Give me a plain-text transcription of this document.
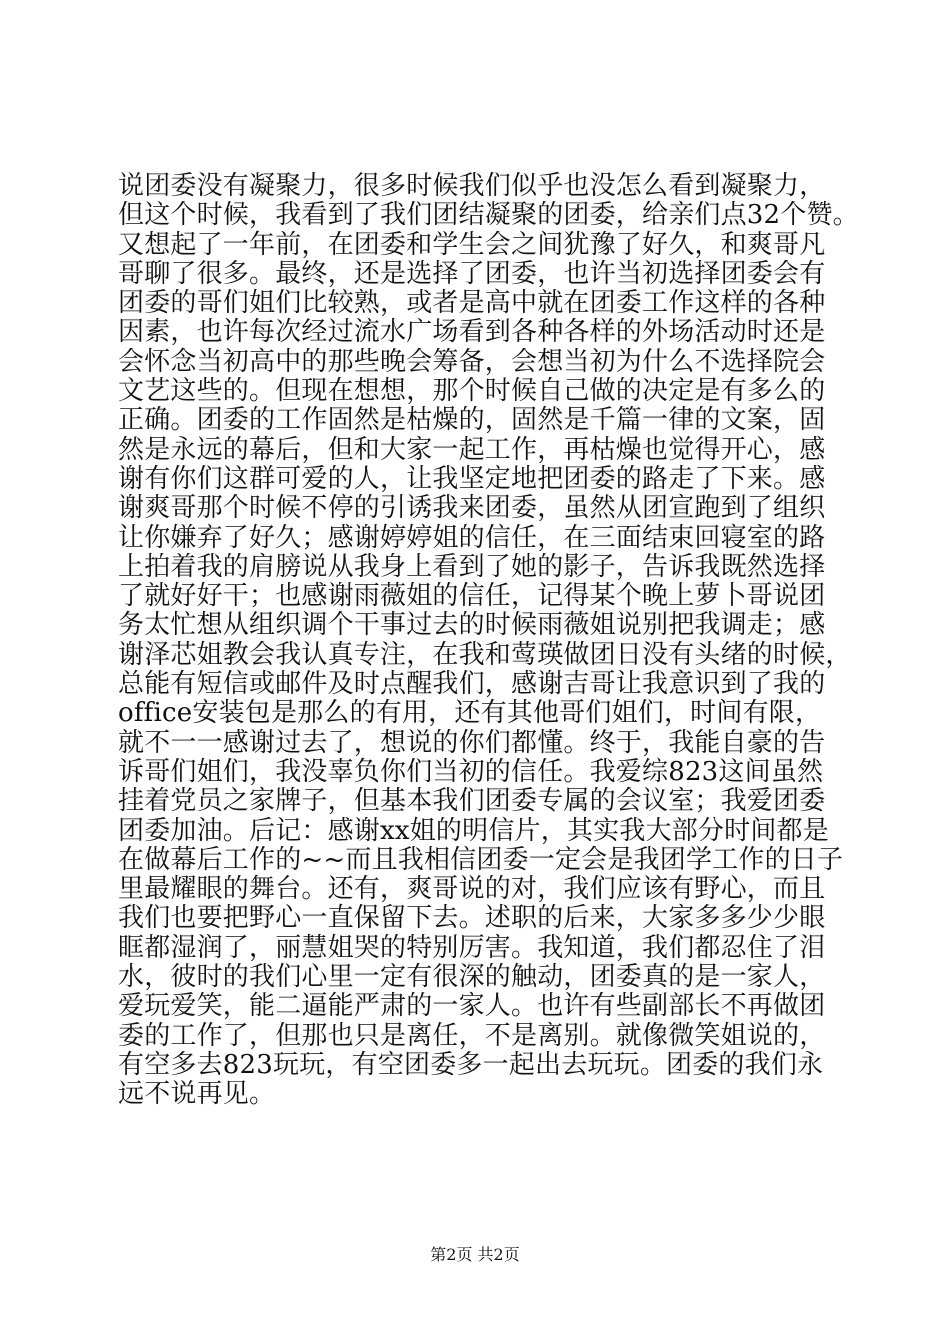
说团委没有凝聚力，很多时候我们似乎也没怎么看到凝聚力，
但这个时候，我看到了我们团结凝聚的团委，给亲们点32个赞。
又想起了一年前，在团委和学生会之间犹豫了好久，和爽哥凡
哥聊了很多。最终，还是选择了团委，也许当初选择团委会有
团委的哥们姐们比较熟，或者是高中就在团委工作这样的各种
因素，也许每次经过流水广场看到各种各样的外场活动时还是
会怀念当初高中的那些晚会筹备，会想当初为什么不选择院会
文艺这些的。但现在想想，那个时候自己做的决定是有多么的
正确。团委的工作固然是枯燥的，固然是千篇一律的文案，固
然是永远的幕后，但和大家一起工作，再枯燥也觉得开心，感
谢有你们这群可爱的人，让我坚定地把团委的路走了下来。感
谢爽哥那个时候不停的引诱我来团委，虽然从团宣跑到了组织
让你嫌弃了好久；感谢婷婷姐的信任，在三面结束回寝室的路
上拍着我的肩膀说从我身上看到了她的影子，告诉我既然选择
了就好好干；也感谢雨薇姐的信任，记得某个晚上萝卜哥说团
务太忙想从组织调个干事过去的时候雨薇姐说别把我调走；感
谢泽芯姐教会我认真专注，在我和莺瑛做团日没有头绪的时候，
总能有短信或邮件及时点醒我们，感谢吉哥让我意识到了我的
office安装包是那么的有用，还有其他哥们姐们，时间有限，
就不一一感谢过去了，想说的你们都懂。终于，我能自豪的告
诉哥们姐们，我没辜负你们当初的信任。我爱综823这间虽然
挂着党员之家牌子，但基本我们团委专属的会议室；我爱团委
团委加油。后记：感谢xx姐的明信片，其实我大部分时间都是
在做幕后工作的~~而且我相信团委一定会是我团学工作的日子
里最耀眼的舞台。还有，爽哥说的对，我们应该有野心，而且
我们也要把野心一直保留下去。述职的后来，大家多多少少眼
眶都湿润了，丽慧姐哭的特别厉害。我知道，我们都忍住了泪
水，彼时的我们心里一定有很深的触动，团委真的是一家人，
爱玩爱笑，能二逼能严肃的一家人。也许有些副部长不再做团
委的工作了，但那也只是离任，不是离别。就像微笑姐说的，
有空多去823玩玩，有空团委多一起出去玩玩。团委的我们永
远不说再见。
第2页 共2页
